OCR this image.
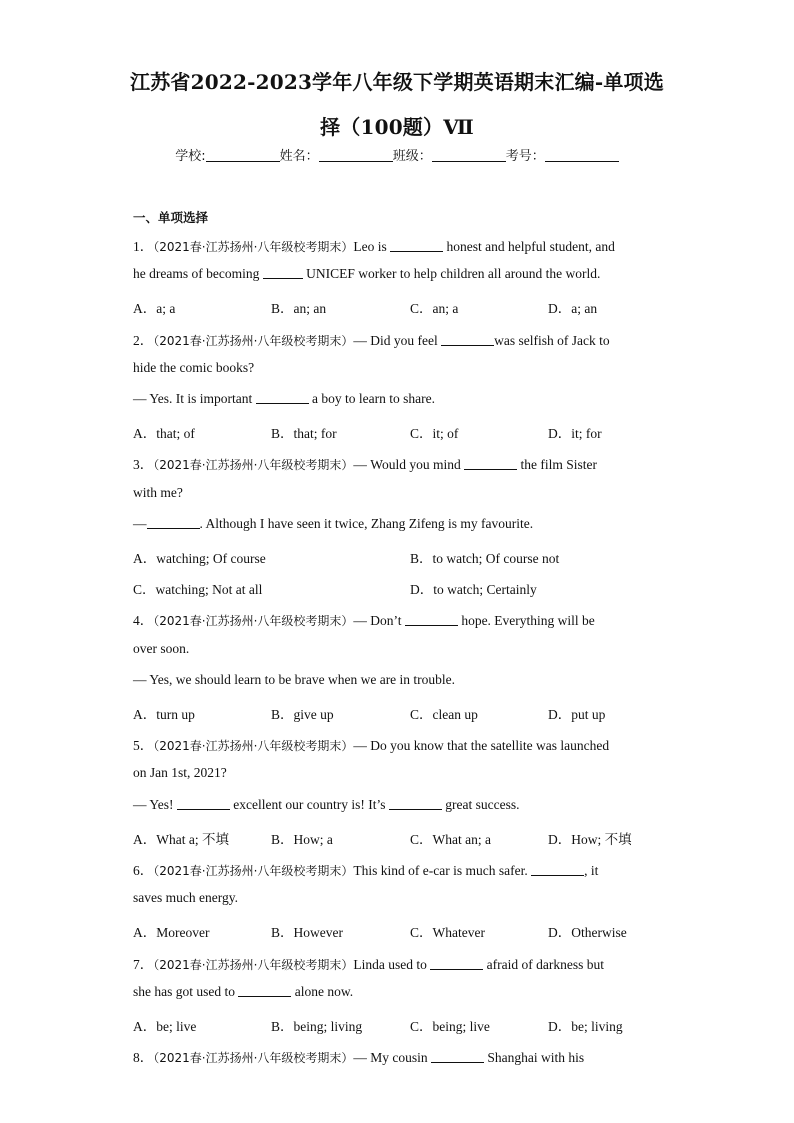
江苏省2022-2023学年八年级下学期英语期末汇编-单项选
择（100题）Ⅶ
学校:	姓名：	班级：	考号：
一、单项选择
1．（2021春·江苏扬州·八年级校考期末）Leo is	honest and helpful student, and
he dreams of becoming	UNICEF worker to help children all around the world.
A．a; a	B．an; an	C．an; a	D．a; an
2．（2021春·江苏扬州·八年级校考期末）— Did you feel	was selfish of Jack to
hide the comic books?
— Yes. It is important	a boy to learn to share.
A．that; of	B．that; for	C．it; of	D．it; for
3．（2021春·江苏扬州·八年级校考期末）— Would you mind	the film Sister
with me?
—	. Although I have seen it twice, Zhang Zifeng is my favourite.
A．watching; Of course	B．to watch; Of course not
C．watching; Not at all	D．to watch; Certainly
4．（2021春·江苏扬州·八年级校考期末）— Don’t	hope. Everything will be
over soon.
— Yes, we should learn to be brave when we are in trouble.
A．turn up	B．give up	C．clean up	D．put up
5．（2021春·江苏扬州·八年级校考期末）— Do you know that the satellite was launched
on Jan 1st, 2021?
— Yes!	excellent our country is! It’s	great success.
A．What a; 不填	B．How; a	C．What an; a	D．How; 不填
6．（2021春·江苏扬州·八年级校考期末）This kind of e-car is much safer.	, it
saves much energy.
A．Moreover	B．However	C．Whatever	D．Otherwise
7．（2021春·江苏扬州·八年级校考期末）Linda used to	afraid of darkness but
she has got used to	alone now.
A．be; live	B．being; living	C．being; live	D．be; living
8．（2021春·江苏扬州·八年级校考期末）— My cousin	Shanghai with his
